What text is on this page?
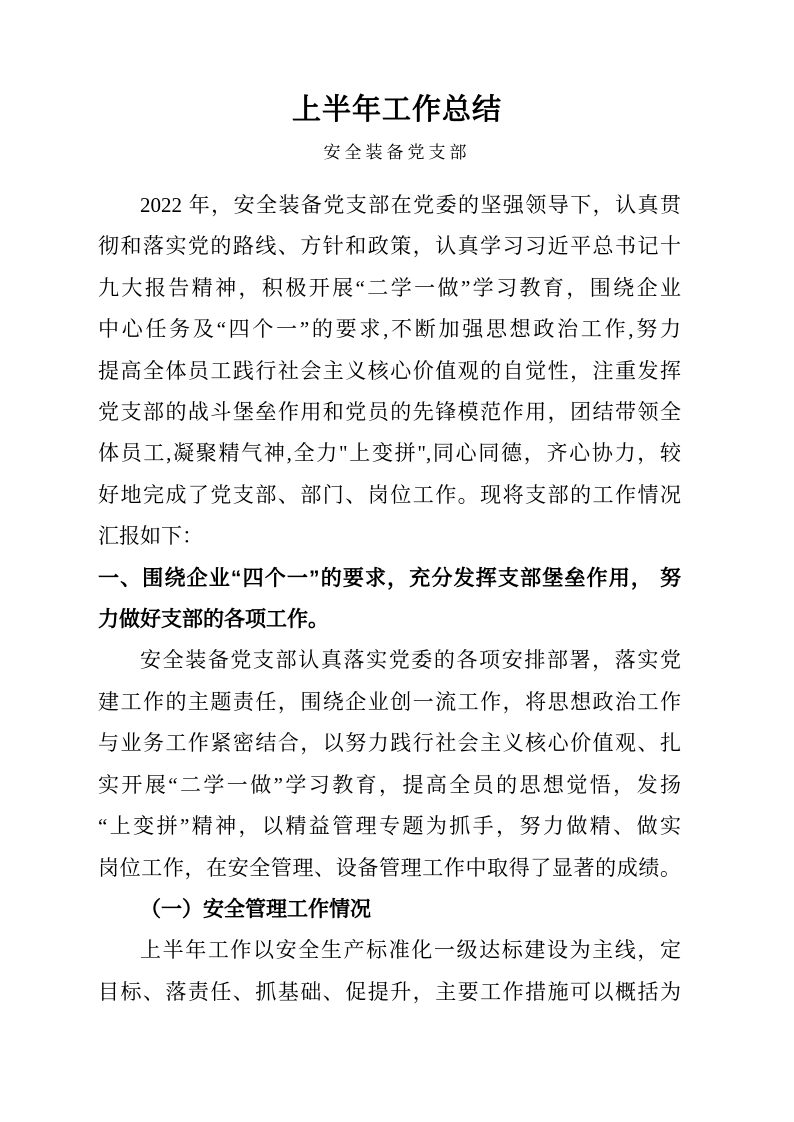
上半年工作总结
安全装备党支部
2022 年，安全装备党支部在党委的坚强领导下，认真贯
彻和落实党的路线、方针和政策，认真学习习近平总书记十
九大报告精神，积极开展“二学一做”学习教育，围绕企业
中心任务及“四个一”的要求,不断加强思想政治工作,努力
提高全体员工践行社会主义核心价值观的自觉性，注重发挥
党支部的战斗堡垒作用和党员的先锋模范作用，团结带领全
体员工,凝聚精气神,全力"上变拼",同心同德，齐心协力，较
好地完成了党支部、部门、岗位工作。现将支部的工作情况
汇报如下：
一、围绕企业“四个一”的要求，充分发挥支部堡垒作用， 努
力做好支部的各项工作。
安全装备党支部认真落实党委的各项安排部署，落实党
建工作的主题责任，围绕企业创一流工作，将思想政治工作
与业务工作紧密结合，以努力践行社会主义核心价值观、扎
实开展“二学一做”学习教育，提高全员的思想觉悟，发扬
“上变拼”精神，以精益管理专题为抓手，努力做精、做实
岗位工作，在安全管理、设备管理工作中取得了显著的成绩。
（一）安全管理工作情况
上半年工作以安全生产标准化一级达标建设为主线，定
目标、落责任、抓基础、促提升，主要工作措施可以概括为
